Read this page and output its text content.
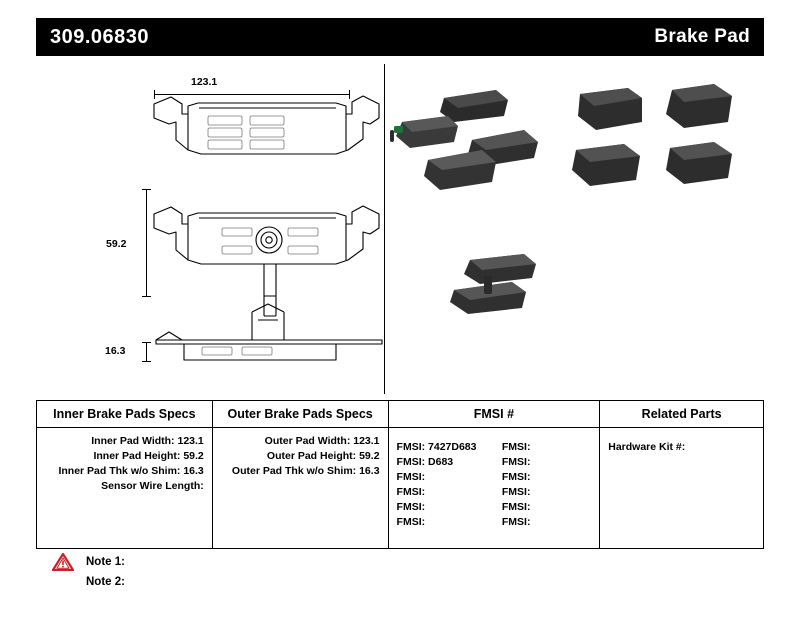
309.06830	Brake Pad
123.1
59.2
16.3
Inner Brake Pads Specs
Inner Pad Width: 123.1
Inner Pad Height: 59.2
Inner Pad Thk w/o Shim: 16.3
Sensor Wire Length:
Outer Brake Pads Specs
Outer Pad Width: 123.1
Outer Pad Height: 59.2
Outer Pad Thk w/o Shim: 16.3
FMSI #
FMSI: 7427D683
FMSI: D683
FMSI:
FMSI:
FMSI:
FMSI:
FMSI:
FMSI:
FMSI:
FMSI:
FMSI:
FMSI:
Related Parts
Hardware Kit #:
Note 1:
Note 2:
